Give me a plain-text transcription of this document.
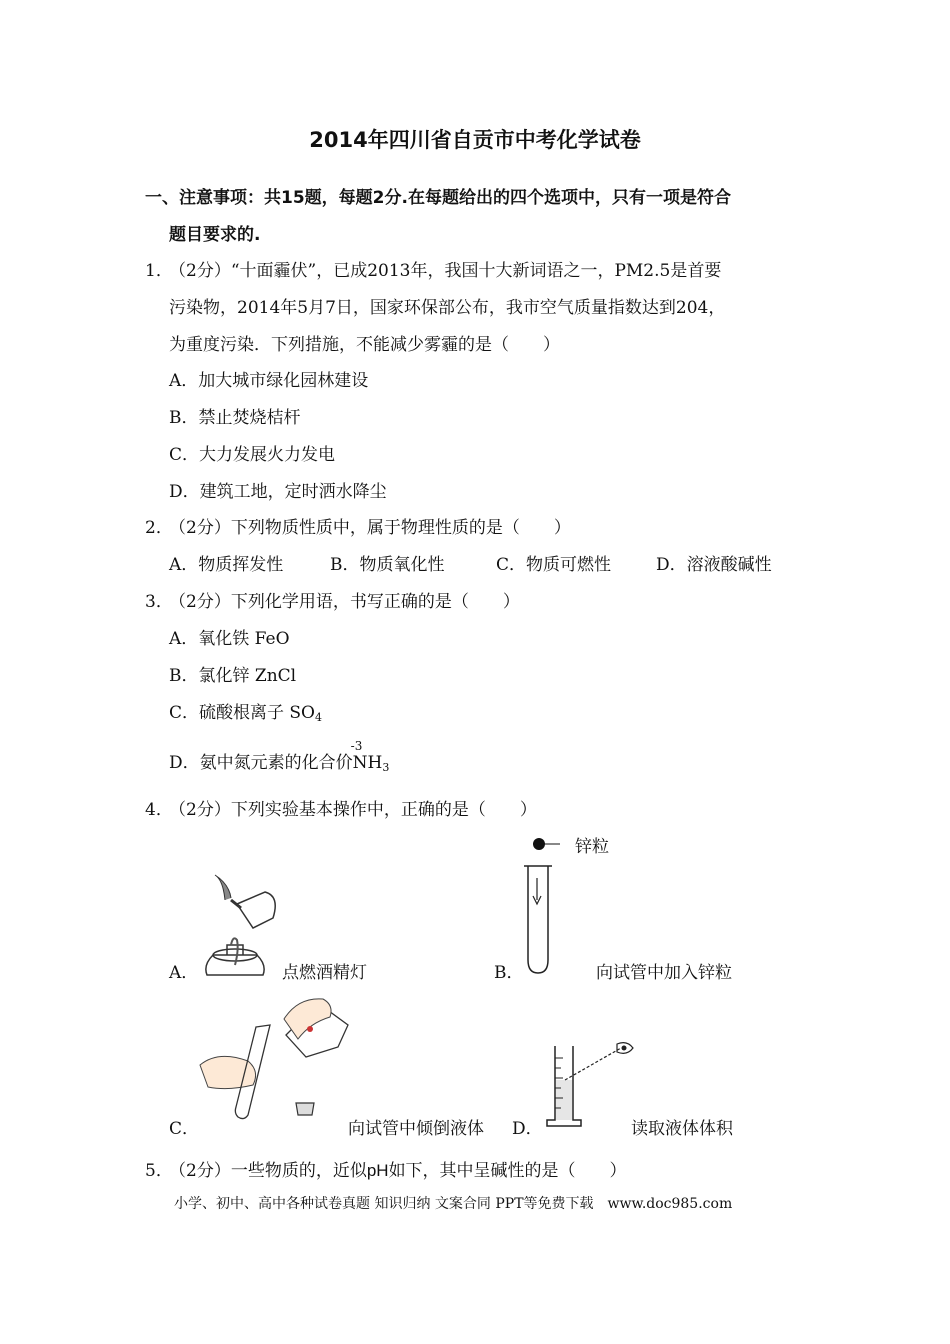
2014年四川省自贡市中考化学试卷
一、注意事项：共15题，每题2分.在每题给出的四个选项中，只有一项是符合
题目要求的.
1．
（2分）“十面霾伏”，已成2013年，我国十大新词语之一，PM2.5是首要
污染物，2014年5月7日，国家环保部公布，我市空气质量指数达到204，
为重度污染．下列措施，不能减少雾霾的是（　　）
A．加大城市绿化园林建设
B．禁止焚烧桔杆
C．大力发展火力发电
D．建筑工地，定时洒水降尘
2．
（2分）下列物质性质中，属于物理性质的是（　　）
A．物质挥发性	B．物质氧化性	C．物质可燃性	D．溶液酸碱性
3．
（2分）下列化学用语，书写正确的是（　　）
A．氧化铁 FeO
B．氯化锌 ZnCl
C．硫酸根离子 $SO_4$
D．氨中氮元素的化合价
-3
$NH_3$
4．
（2分）下列实验基本操作中，正确的是（　　）
A．	点燃酒精灯
锌粒
B．	向试管中加入锌粒
C．	向试管中倾倒液体 D．	读取液体体积
5．
（2分）一些物质的，近似pH如下，其中呈碱性的是（　　）
小学、初中、高中各种试卷真题 知识归纳 文案合同 PPT等免费下载　www.doc985.com
